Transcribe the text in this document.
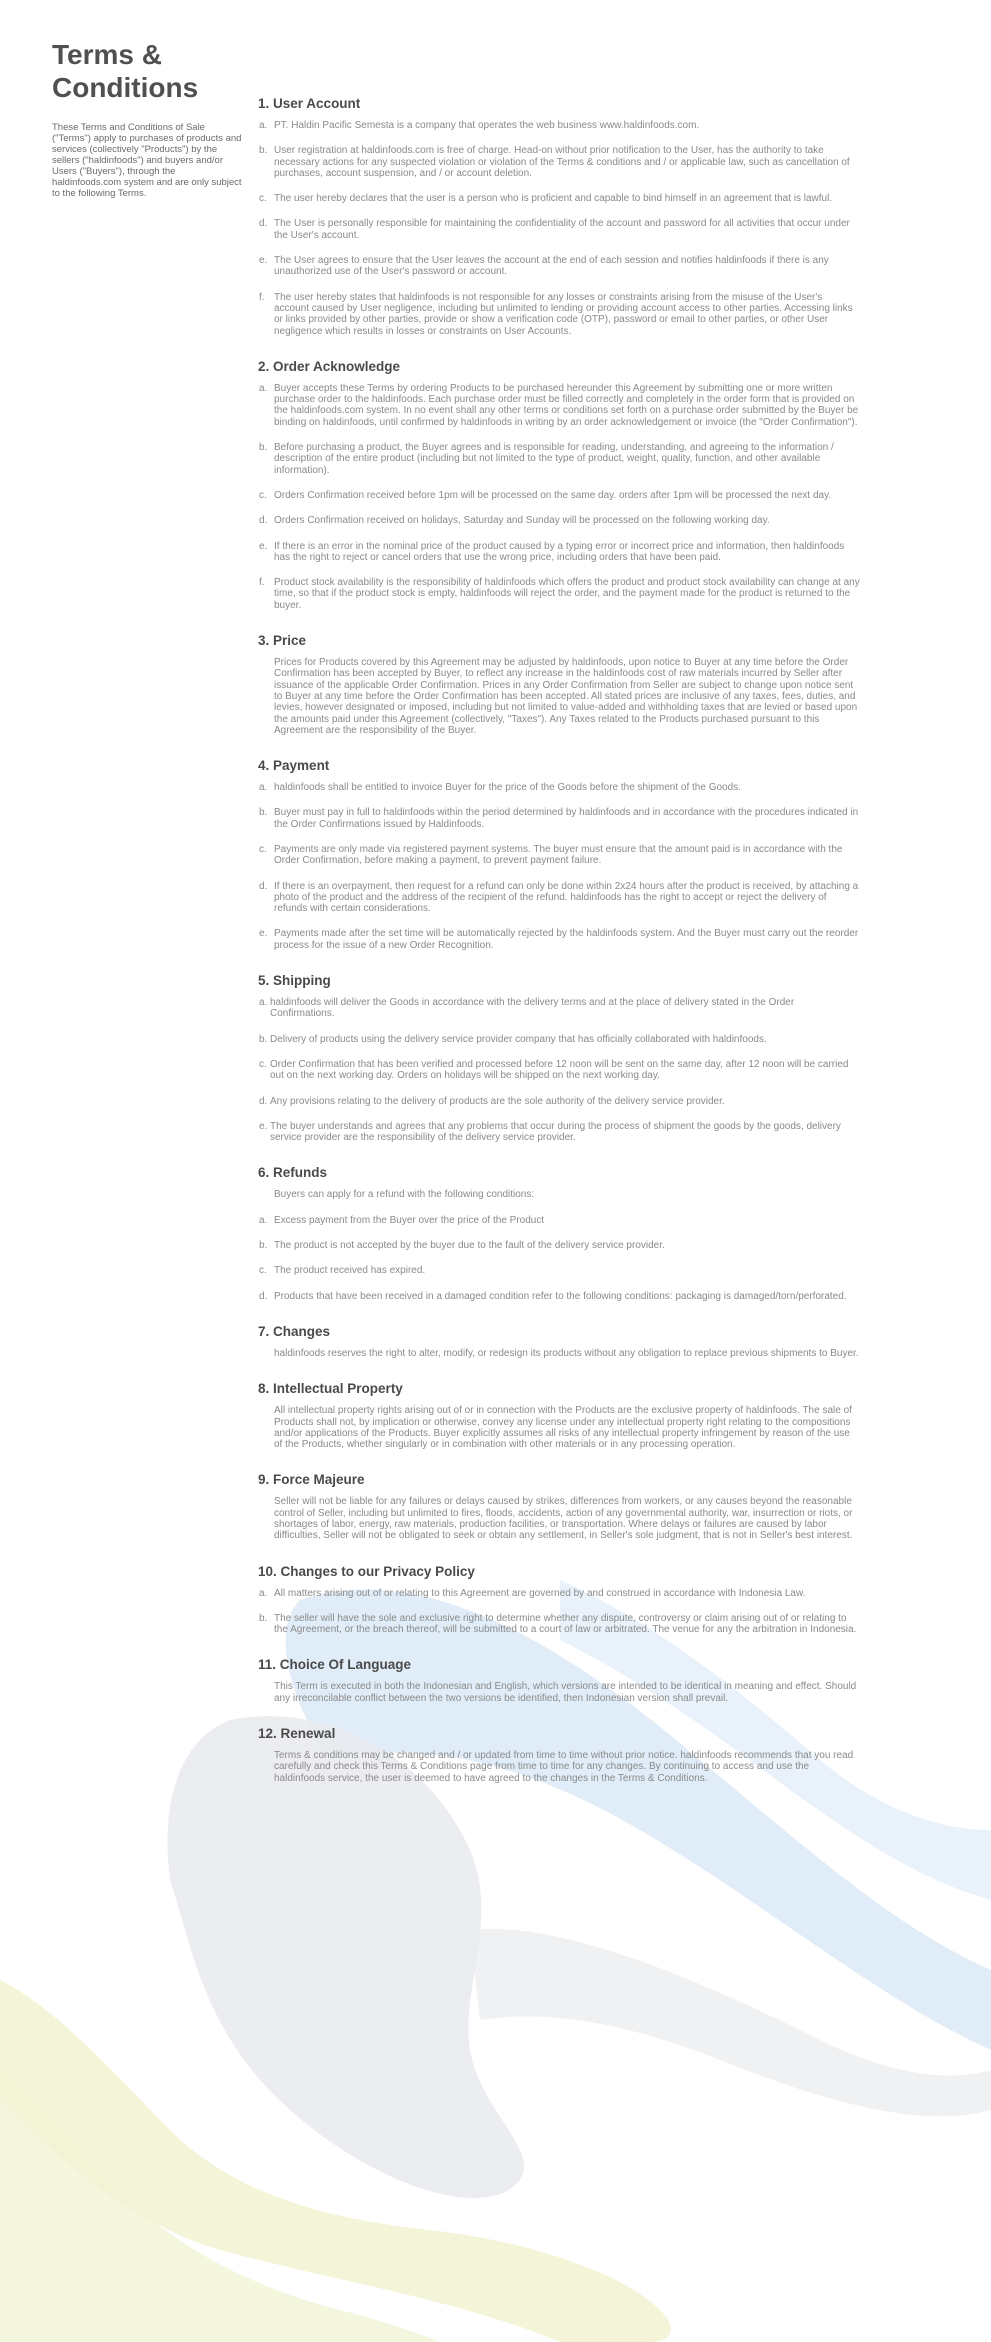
Terms & Conditions

These Terms and Conditions of Sale ("Terms") apply to purchases of products and services (collectively "Products") by the sellers ("haldinfoods") and buyers and/or Users ("Buyers"), through the haldinfoods.com system and are only subject to the following Terms.

1. User Account
a. PT. Haldin Pacific Semesta is a company that operates the web business www.haldinfoods.com.
b. User registration at haldinfoods.com is free of charge. Head-on without prior notification to the User, has the authority to take necessary actions for any suspected violation or violation of the Terms & conditions and / or applicable law, such as cancellation of purchases, account suspension, and / or account deletion.
c. The user hereby declares that the user is a person who is proficient and capable to bind himself in an agreement that is lawful.
d. The User is personally responsible for maintaining the confidentiality of the account and password for all activities that occur under the User's account.
e. The User agrees to ensure that the User leaves the account at the end of each session and notifies haldinfoods if there is any unauthorized use of the User's password or account.
f. The user hereby states that haldinfoods is not responsible for any losses or constraints arising from the misuse of the User's account caused by User negligence, including but unlimited to lending or providing account access to other parties. Accessing links or links provided by other parties, provide or show a verification code (OTP), password or email to other parties, or other User negligence which results in losses or constraints on User Accounts.
2. Order Acknowledge
a. Buyer accepts these Terms by ordering Products to be purchased hereunder this Agreement by submitting one or more written purchase order to the haldinfoods. Each purchase order must be filled correctly and completely in the order form that is provided on the haldinfoods.com system. In no event shall any other terms or conditions set forth on a purchase order submitted by the Buyer be binding on haldinfoods, until confirmed by haldinfoods in writing by an order acknowledgement or invoice (the "Order Confirmation").
b. Before purchasing a product, the Buyer agrees and is responsible for reading, understanding, and agreeing to the information / description of the entire product (including but not limited to the type of product, weight, quality, function, and other available information).
c. Orders Confirmation received before 1pm will be processed on the same day. orders after 1pm will be processed the next day.
d. Orders Confirmation received on holidays, Saturday and Sunday will be processed on the following working day.
e. If there is an error in the nominal price of the product caused by a typing error or incorrect price and information, then haldinfoods has the right to reject or cancel orders that use the wrong price, including orders that have been paid.
f. Product stock availability is the responsibility of haldinfoods which offers the product and product stock availability can change at any time, so that if the product stock is empty, haldinfoods will reject the order, and the payment made for the product is returned to the buyer.
3. Price
Prices for Products covered by this Agreement may be adjusted by haldinfoods, upon notice to Buyer at any time before the Order Confirmation has been accepted by Buyer, to reflect any increase in the haldinfoods cost of raw materials incurred by Seller after issuance of the applicable Order Confirmation. Prices in any Order Confirmation from Seller are subject to change upon notice sent to Buyer at any time before the Order Confirmation has been accepted. All stated prices are inclusive of any taxes, fees, duties, and levies, however designated or imposed, including but not limited to value-added and withholding taxes that are levied or based upon the amounts paid under this Agreement (collectively, "Taxes"). Any Taxes related to the Products purchased pursuant to this Agreement are the responsibility of the Buyer.
4. Payment
a. haldinfoods shall be entitled to invoice Buyer for the price of the Goods before the shipment of the Goods.
b. Buyer must pay in full to haldinfoods within the period determined by haldinfoods and in accordance with the procedures indicated in the Order Confirmations issued by Haldinfoods.
c. Payments are only made via registered payment systems. The buyer must ensure that the amount paid is in accordance with the Order Confirmation, before making a payment, to prevent payment failure.
d. If there is an overpayment, then request for a refund can only be done within 2x24 hours after the product is received, by attaching a photo of the product and the address of the recipient of the refund. haldinfoods has the right to accept or reject the delivery of refunds with certain considerations.
e. Payments made after the set time will be automatically rejected by the haldinfoods system. And the Buyer must carry out the reorder process for the issue of a new Order Recognition.
5. Shipping
a. haldinfoods will deliver the Goods in accordance with the delivery terms and at the place of delivery stated in the Order Confirmations.
b. Delivery of products using the delivery service provider company that has officially collaborated with haldinfoods.
c. Order Confirmation that has been verified and processed before 12 noon will be sent on the same day, after 12 noon will be carried out on the next working day. Orders on holidays will be shipped on the next working day.
d. Any provisions relating to the delivery of products are the sole authority of the delivery service provider.
e. The buyer understands and agrees that any problems that occur during the process of shipment the goods by the goods, delivery service provider are the responsibility of the delivery service provider.
6. Refunds
Buyers can apply for a refund with the following conditions:
a. Excess payment from the Buyer over the price of the Product
b. The product is not accepted by the buyer due to the fault of the delivery service provider.
c. The product received has expired.
d. Products that have been received in a damaged condition refer to the following conditions: packaging is damaged/torn/perforated.
7. Changes
haldinfoods reserves the right to alter, modify, or redesign its products without any obligation to replace previous shipments to Buyer.
8. Intellectual Property
All intellectual property rights arising out of or in connection with the Products are the exclusive property of haldinfoods. The sale of Products shall not, by implication or otherwise, convey any license under any intellectual property right relating to the compositions and/or applications of the Products. Buyer explicitly assumes all risks of any intellectual property infringement by reason of the use of the Products, whether singularly or in combination with other materials or in any processing operation.
9. Force Majeure
Seller will not be liable for any failures or delays caused by strikes, differences from workers, or any causes beyond the reasonable control of Seller, including but unlimited to fires, floods, accidents, action of any governmental authority, war, insurrection or riots, or shortages of labor, energy, raw materials, production facilities, or transportation. Where delays or failures are caused by labor difficulties, Seller will not be obligated to seek or obtain any settlement, in Seller's sole judgment, that is not in Seller's best interest.
10. Changes to our Privacy Policy
a. All matters arising out of or relating to this Agreement are governed by and construed in accordance with Indonesia Law.
b. The seller will have the sole and exclusive right to determine whether any dispute, controversy or claim arising out of or relating to the Agreement, or the breach thereof, will be submitted to a court of law or arbitrated. The venue for any the arbitration in Indonesia.
11. Choice Of Language
This Term is executed in both the Indonesian and English, which versions are intended to be identical in meaning and effect. Should any irreconcilable conflict between the two versions be identified, then Indonesian version shall prevail.
12. Renewal
Terms & conditions may be changed and / or updated from time to time without prior notice. haldinfoods recommends that you read carefully and check this Terms & Conditions page from time to time for any changes. By continuing to access and use the haldinfoods service, the user is deemed to have agreed to the changes in the Terms & Conditions.
